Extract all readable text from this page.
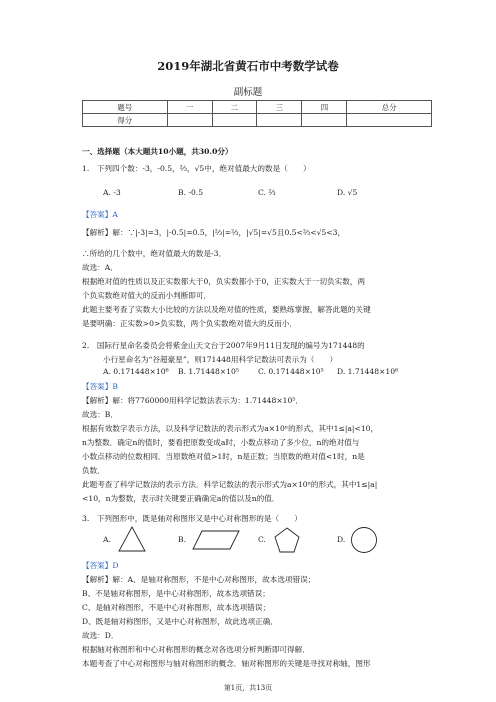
2019年湖北省黄石市中考数学试卷
副标题
题号	一	二	三	四	总分
得分					
一、选择题（本大题共10小题，共30.0分）
1.　下列四个数：-3，-0.5，²⁄₃，√5中，绝对值最大的数是（　　）
A. -3	B. -0.5	C. ²⁄₃	D. √5
【答案】A
【解析】解：∵|-3|=3，|-0.5|=0.5，|²⁄₃|=²⁄₃，|√5|=√5且0.5<²⁄₃<√5<3，
∴所给的几个数中，绝对值最大的数是-3．
故选：A．
根据绝对值的性质以及正实数都大于0，负实数都小于0，正实数大于一切负实数，两
个负实数绝对值大的反而小判断即可．
此题主要考查了实数大小比较的方法以及绝对值的性质，要熟练掌握，解答此题的关键
是要明确：正实数>0>负实数，两个负实数绝对值大的反而小．
2.　国际行星命名委员会将紫金山天文台于2007年9月11日发现的编号为171448的
小行星命名为“谷超豪星”，则171448用科学记数法可表示为（　　）
A. 0.171448×10⁶ B. 1.71448×10⁵	C. 0.171448×10⁵ D. 1.71448×10⁶
【答案】B
【解析】解：将7760000用科学记数法表示为：1.71448×10⁵．
故选：B．
根据有效数字表示方法，以及科学记数法的表示形式为a×10ⁿ的形式，其中1≤|a|<10，
n为整数．确定n的值时，要看把原数变成a时，小数点移动了多少位，n的绝对值与
小数点移动的位数相同．当原数绝对值>1时，n是正数；当原数的绝对值<1时，n是
负数．
此题考查了科学记数法的表示方法．科学记数法的表示形式为a×10ⁿ的形式，其中1≤|a|
<10，n为整数，表示时关键要正确确定a的值以及n的值．
3.　下列图形中，既是轴对称图形又是中心对称图形的是（　　）
A.	B.	C.	D.
【答案】D
【解析】解：A、是轴对称图形，不是中心对称图形，故本选项错误；
B、不是轴对称图形，是中心对称图形，故本选项错误；
C、是轴对称图形，不是中心对称图形，故本选项错误；
D、既是轴对称图形，又是中心对称图形，故此选项正确．
故选：D．
根据轴对称图形和中心对称图形的概念对各选项分析判断即可得解．
本题考查了中心对称图形与轴对称图形的概念．轴对称图形的关键是寻找对称轴，图形
第1页，共13页
